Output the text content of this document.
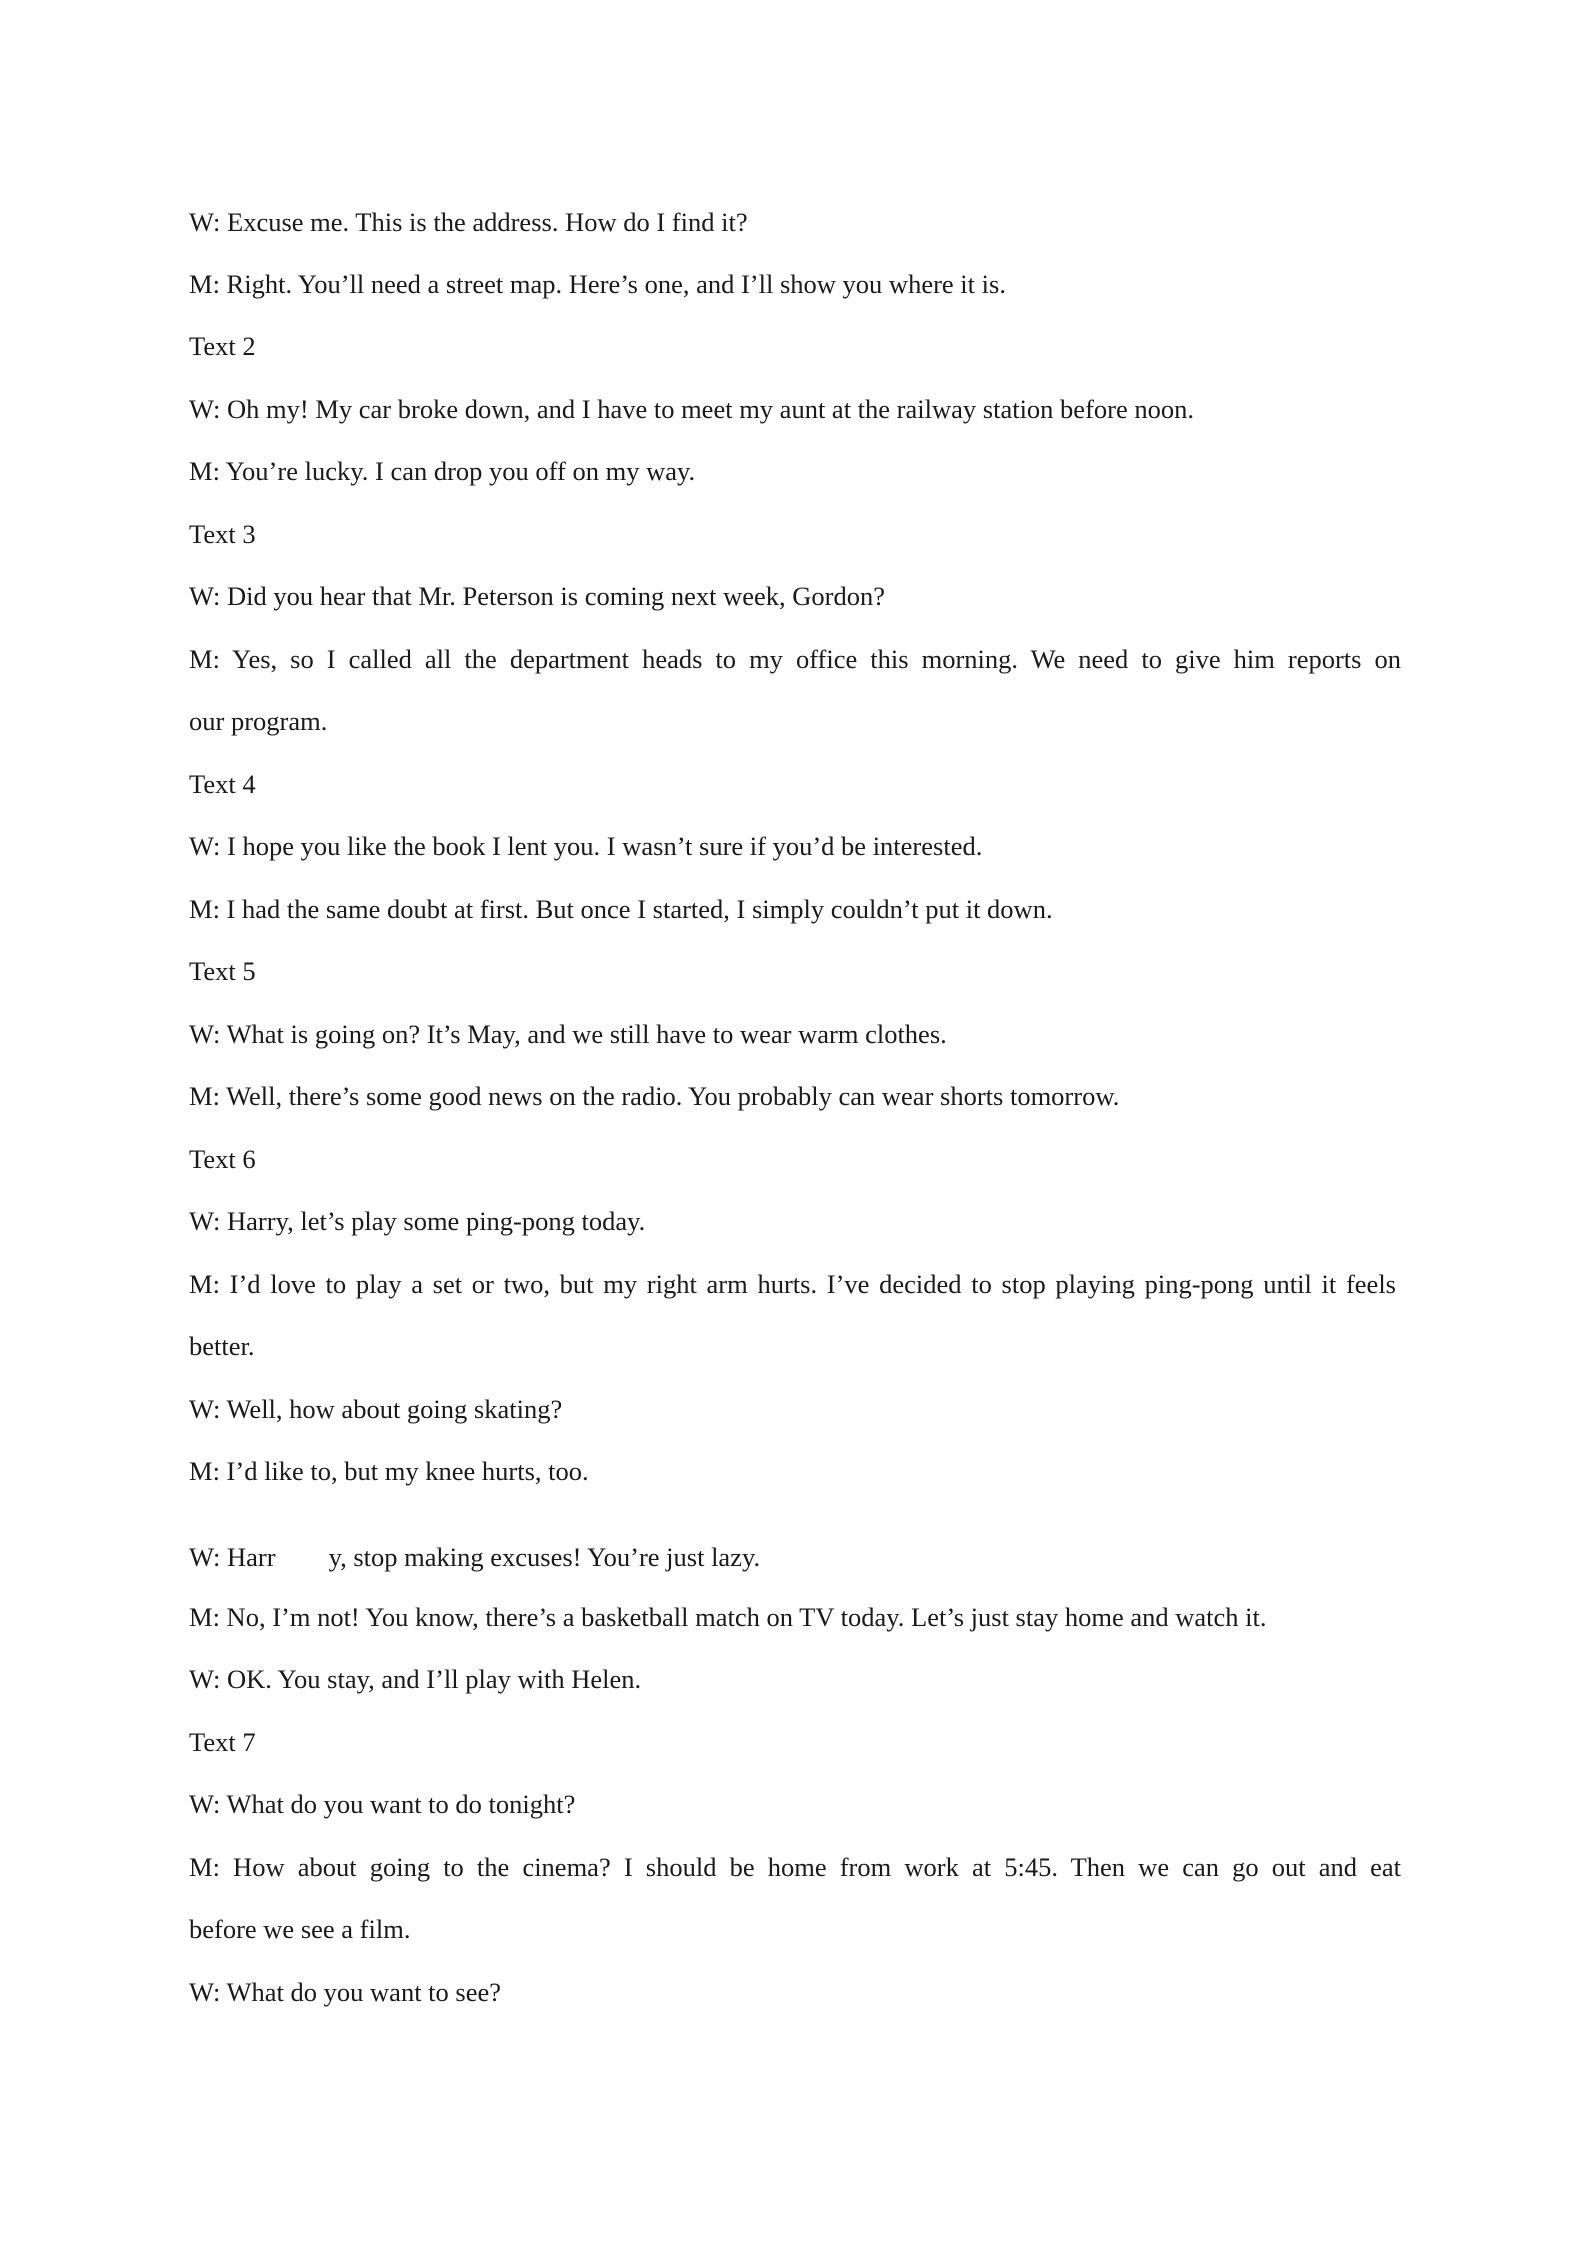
W: Excuse me. This is the address. How do I find it?

M: Right. You’ll need a street map. Here’s one, and I’ll show you where it is.

Text 2

W: Oh my! My car broke down, and I have to meet my aunt at the railway station before noon.

M: You’re lucky. I can drop you off on my way.

Text 3

W: Did you hear that Mr. Peterson is coming next week, Gordon?

M: Yes, so I called all the department heads to my office this morning. We need to give him reports on

our program.

Text 4

W: I hope you like the book I lent you. I wasn’t sure if you’d be interested.

M: I had the same doubt at first. But once I started, I simply couldn’t put it down.

Text 5

W: What is going on? It’s May, and we still have to wear warm clothes.

M: Well, there’s some good news on the radio. You probably can wear shorts tomorrow.

Text 6

W: Harry, let’s play some ping-pong today.

M: I’d love to play a set or two, but my right arm hurts. I’ve decided to stop playing ping-pong until it feels

better.

W: Well, how about going skating?

M: I’d like to, but my knee hurts, too.

W: Harr        y, stop making excuses! You’re just lazy.

M: No, I’m not! You know, there’s a basketball match on TV today. Let’s just stay home and watch it.

W: OK. You stay, and I’ll play with Helen.

Text 7

W: What do you want to do tonight?

M: How about going to the cinema? I should be home from work at 5:45. Then we can go out and eat

before we see a film.

W: What do you want to see?
